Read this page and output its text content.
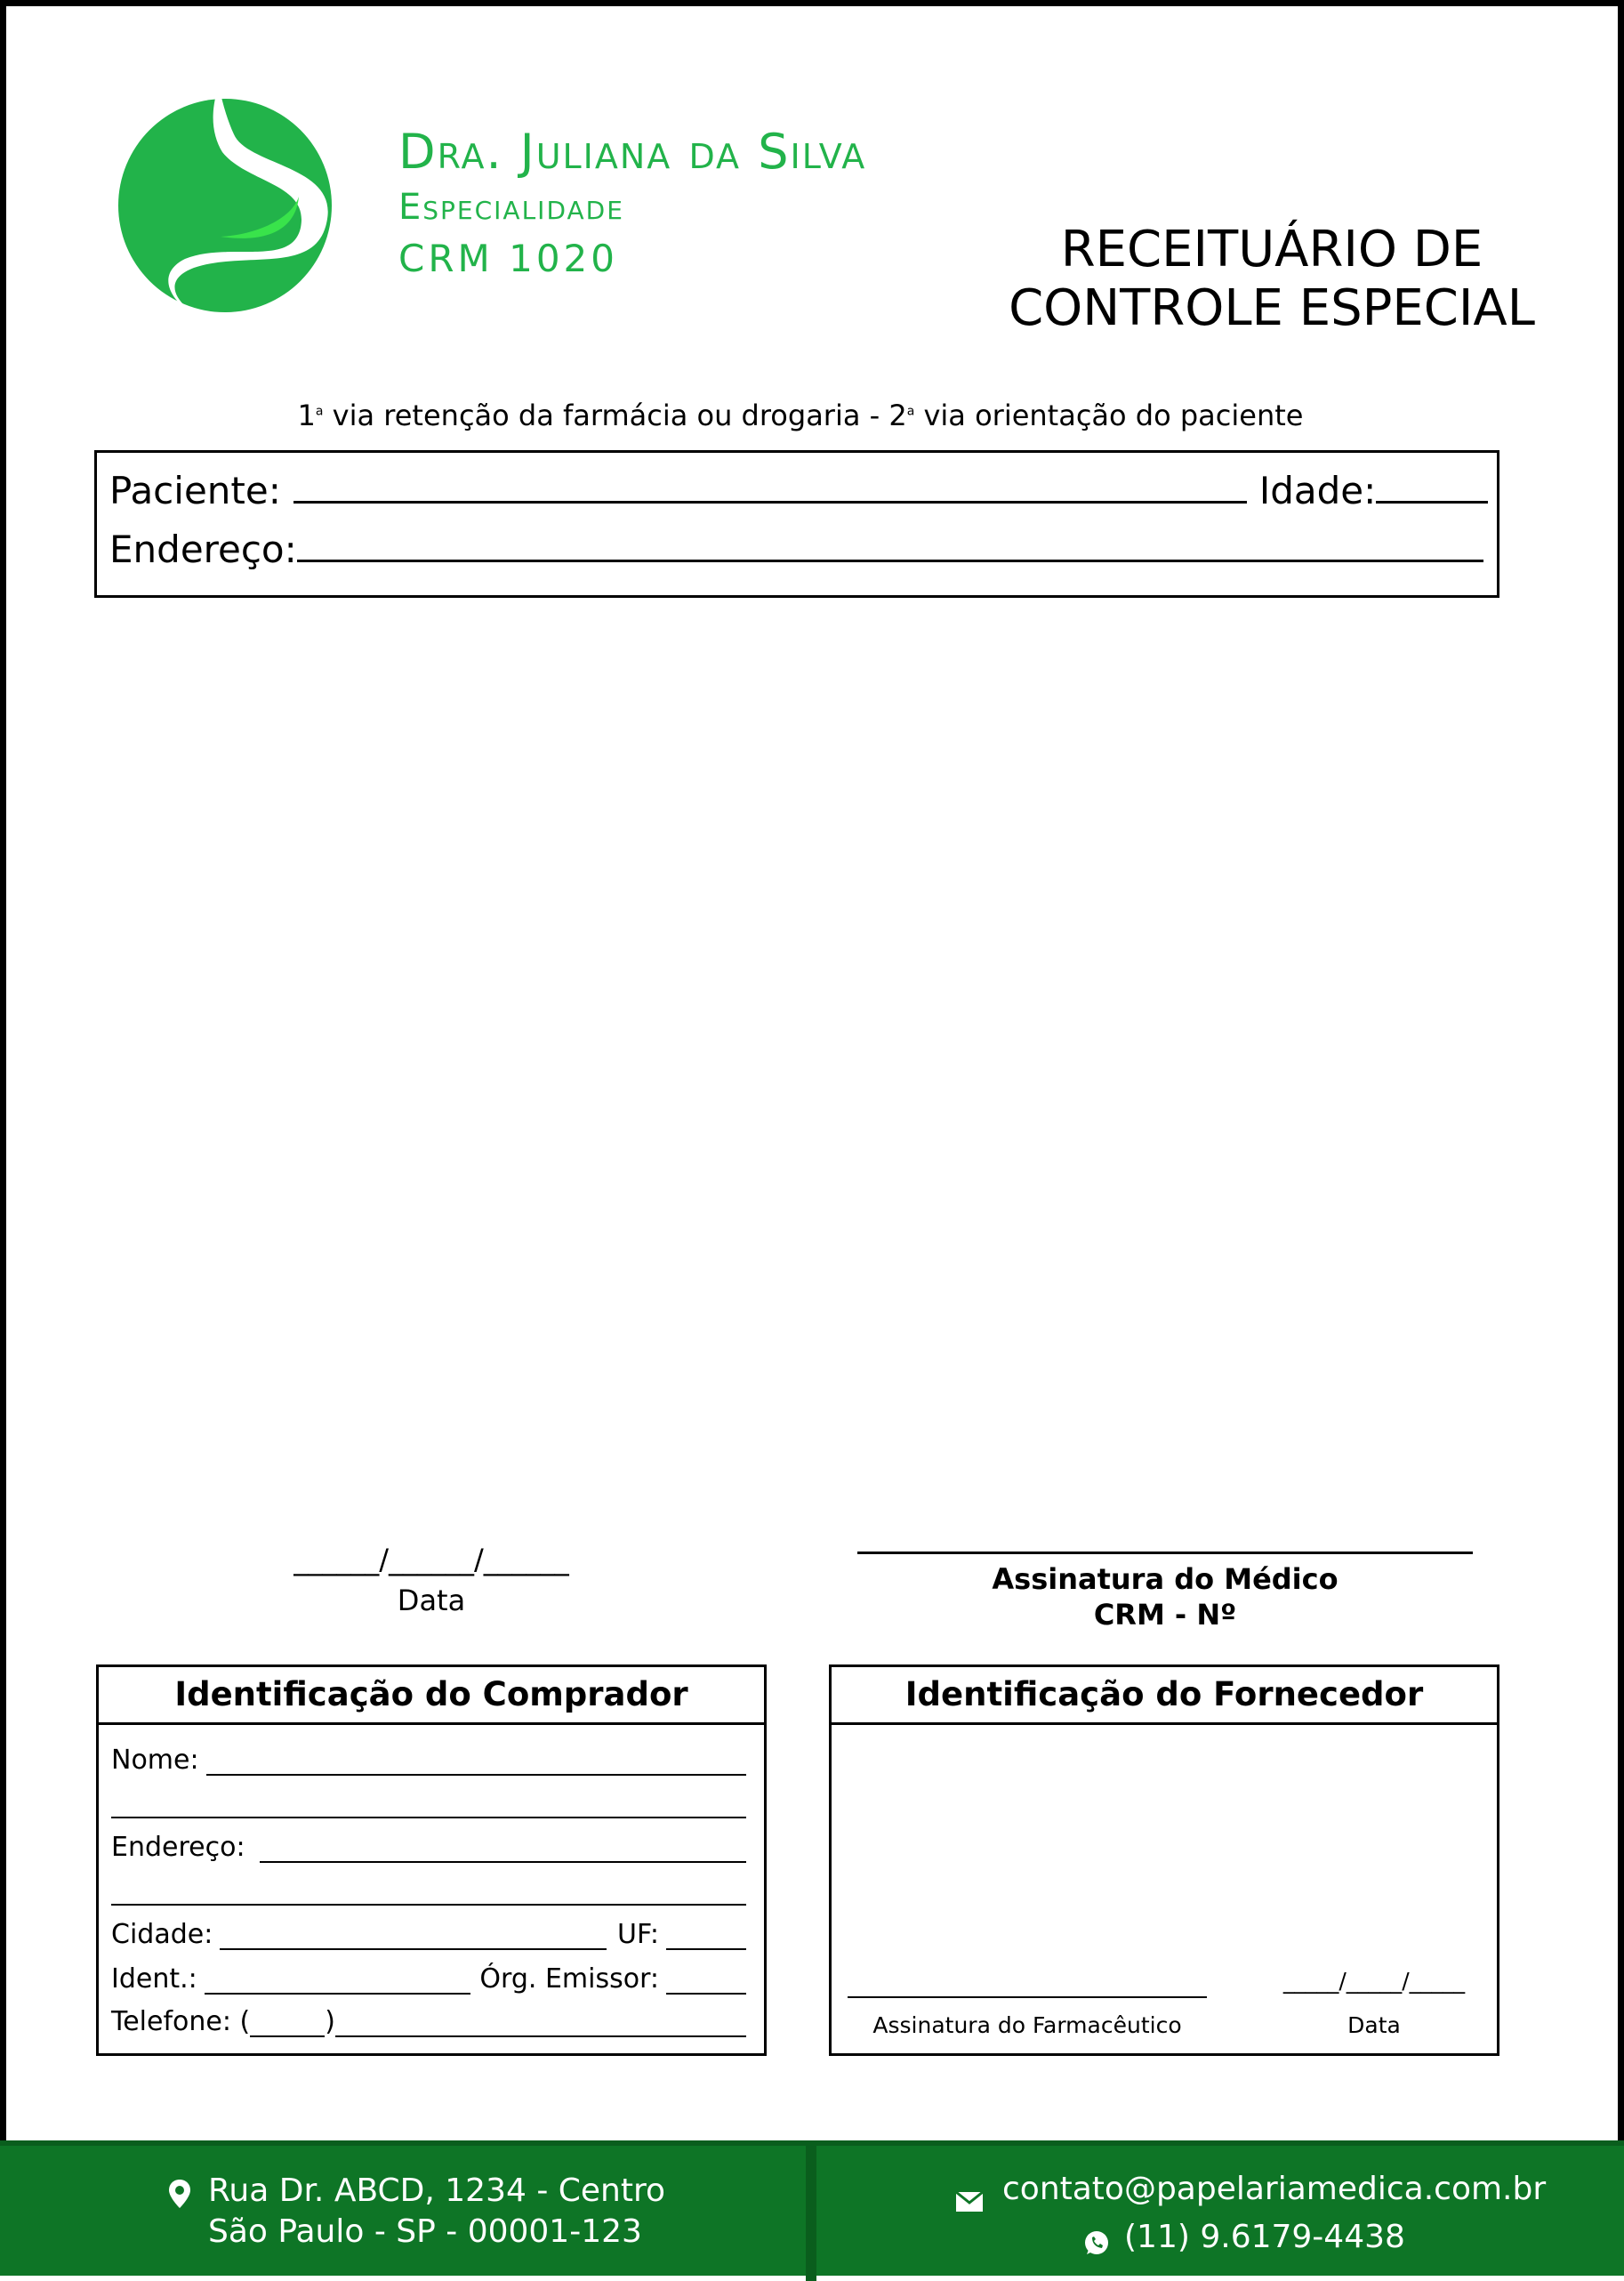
Dra. Juliana da Silva
Especialidade
CRM 1020	RECEITUÁRIO DE
CONTROLE ESPECIAL
1$^a$ via retenção da farmácia ou drogaria - 2$^a$ via orientação do paciente
Paciente:	Idade:
Endereço:
______/______/______
Data
Assinatura do Médico
CRM - Nº
Identificação do Comprador
Nome:
Endereço:
Cidade:	UF:
Ident.:	Órg. Emissor:
Telefone: (	)
Identificação do Fornecedor
Assinatura do Farmacêutico
_____/_____/_____
Data
Rua Dr. ABCD, 1234 - Centro
São Paulo - SP - 00001-123
contato@papelariamedica.com.br
(11) 9.6179-4438
